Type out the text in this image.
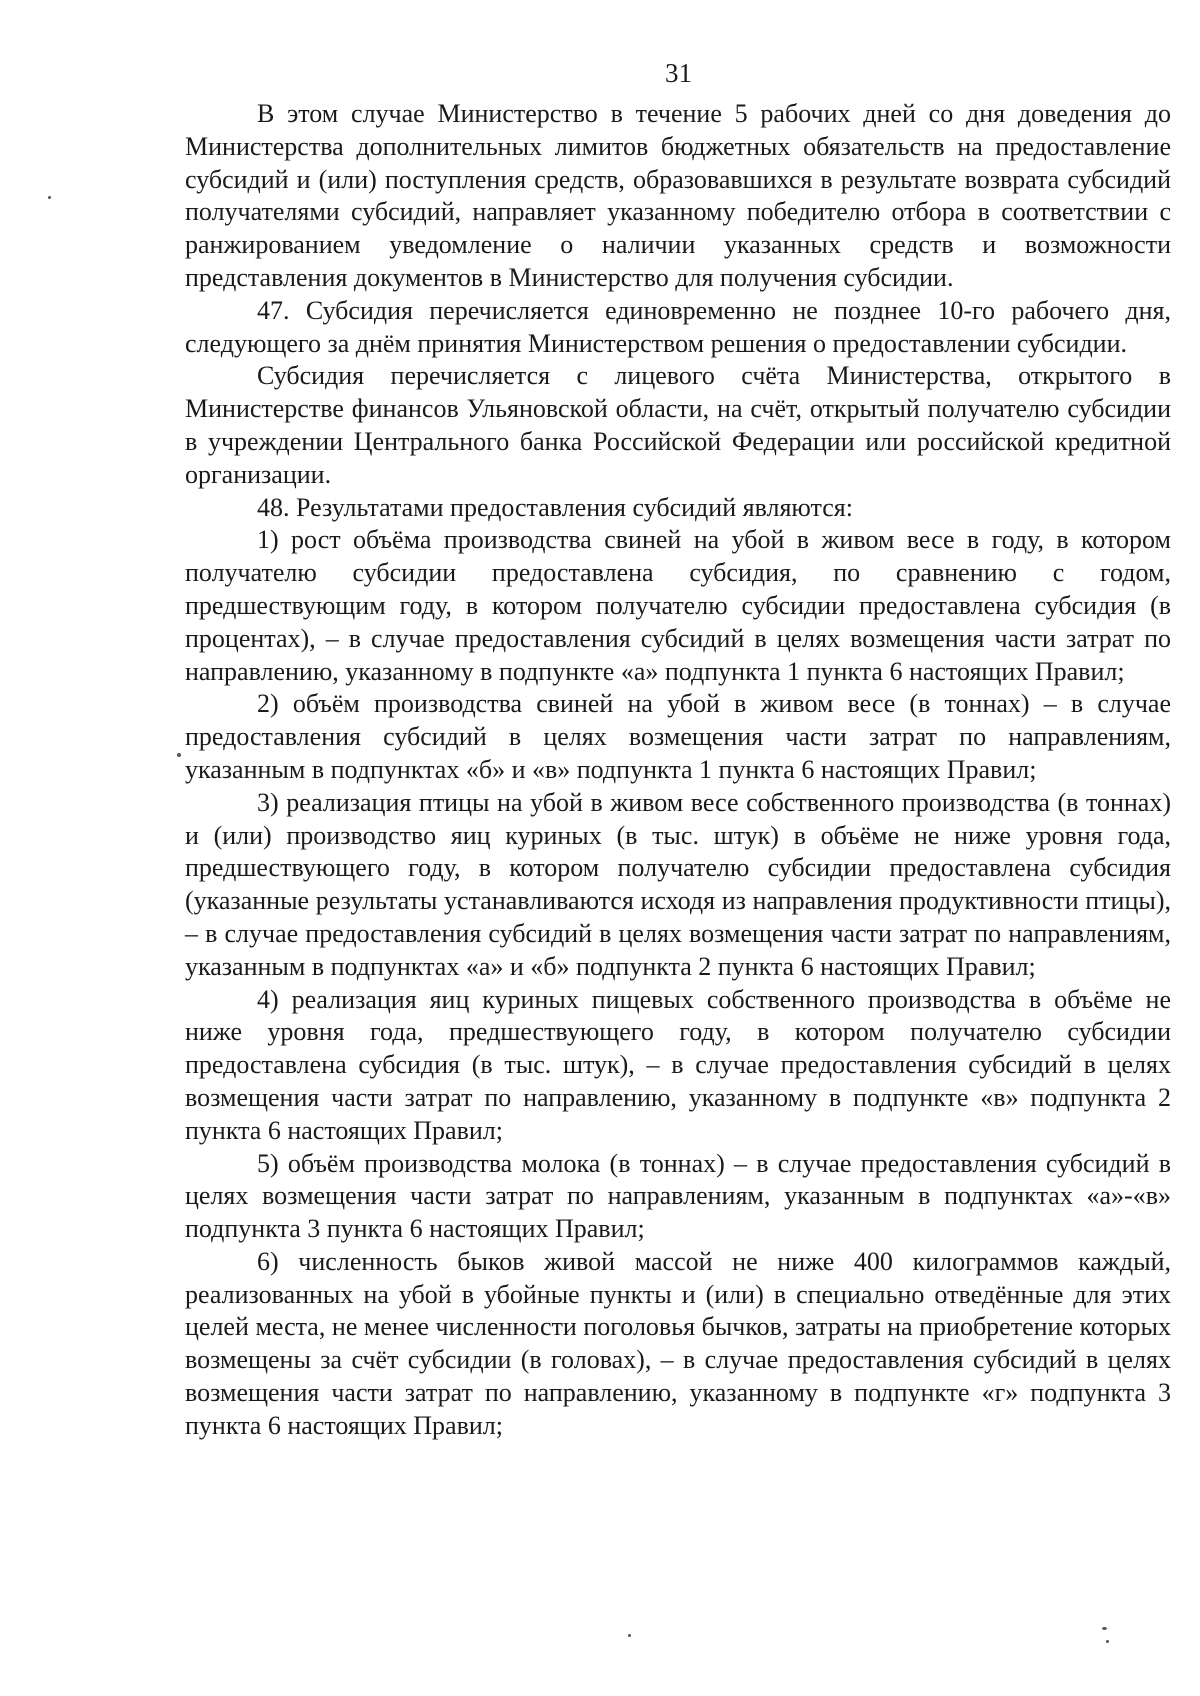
31

В этом случае Министерство в течение 5 рабочих дней со дня доведения до Министерства дополнительных лимитов бюджетных обязательств на предоставление субсидий и (или) поступления средств, образовавшихся в результате возврата субсидий получателями субсидий, направляет указанному победителю отбора в соответствии с ранжированием уведомление о наличии указанных средств и возможности представления документов в Министерство для получения субсидии.

47. Субсидия перечисляется единовременно не позднее 10-го рабочего дня, следующего за днём принятия Министерством решения о предоставлении субсидии.

Субсидия перечисляется с лицевого счёта Министерства, открытого в Министерстве финансов Ульяновской области, на счёт, открытый получателю субсидии в учреждении Центрального банка Российской Федерации или российской кредитной организации.

48. Результатами предоставления субсидий являются:

1) рост объёма производства свиней на убой в живом весе в году, в котором получателю субсидии предоставлена субсидия, по сравнению с годом, предшествующим году, в котором получателю субсидии предоставлена субсидия (в процентах), – в случае предоставления субсидий в целях возмещения части затрат по направлению, указанному в подпункте «а» подпункта 1 пункта 6 настоящих Правил;

2) объём производства свиней на убой в живом весе (в тоннах) – в случае предоставления субсидий в целях возмещения части затрат по направлениям, указанным в подпунктах «б» и «в» подпункта 1 пункта 6 настоящих Правил;

3) реализация птицы на убой в живом весе собственного производства (в тоннах) и (или) производство яиц куриных (в тыс. штук) в объёме не ниже уровня года, предшествующего году, в котором получателю субсидии предоставлена субсидия (указанные результаты устанавливаются исходя из направления продуктивности птицы), – в случае предоставления субсидий в целях возмещения части затрат по направлениям, указанным в подпунктах «а» и «б» подпункта 2 пункта 6 настоящих Правил;

4) реализация яиц куриных пищевых собственного производства в объёме не ниже уровня года, предшествующего году, в котором получателю субсидии предоставлена субсидия (в тыс. штук), – в случае предоставления субсидий в целях возмещения части затрат по направлению, указанному в подпункте «в» подпункта 2 пункта 6 настоящих Правил;

5) объём производства молока (в тоннах) – в случае предоставления субсидий в целях возмещения части затрат по направлениям, указанным в подпунктах «а»-«в» подпункта 3 пункта 6 настоящих Правил;

6) численность быков живой массой не ниже 400 килограммов каждый, реализованных на убой в убойные пункты и (или) в специально отведённые для этих целей места, не менее численности поголовья бычков, затраты на приобретение которых возмещены за счёт субсидии (в головах), – в случае предоставления субсидий в целях возмещения части затрат по направлению, указанному в подпункте «г» подпункта 3 пункта 6 настоящих Правил;
